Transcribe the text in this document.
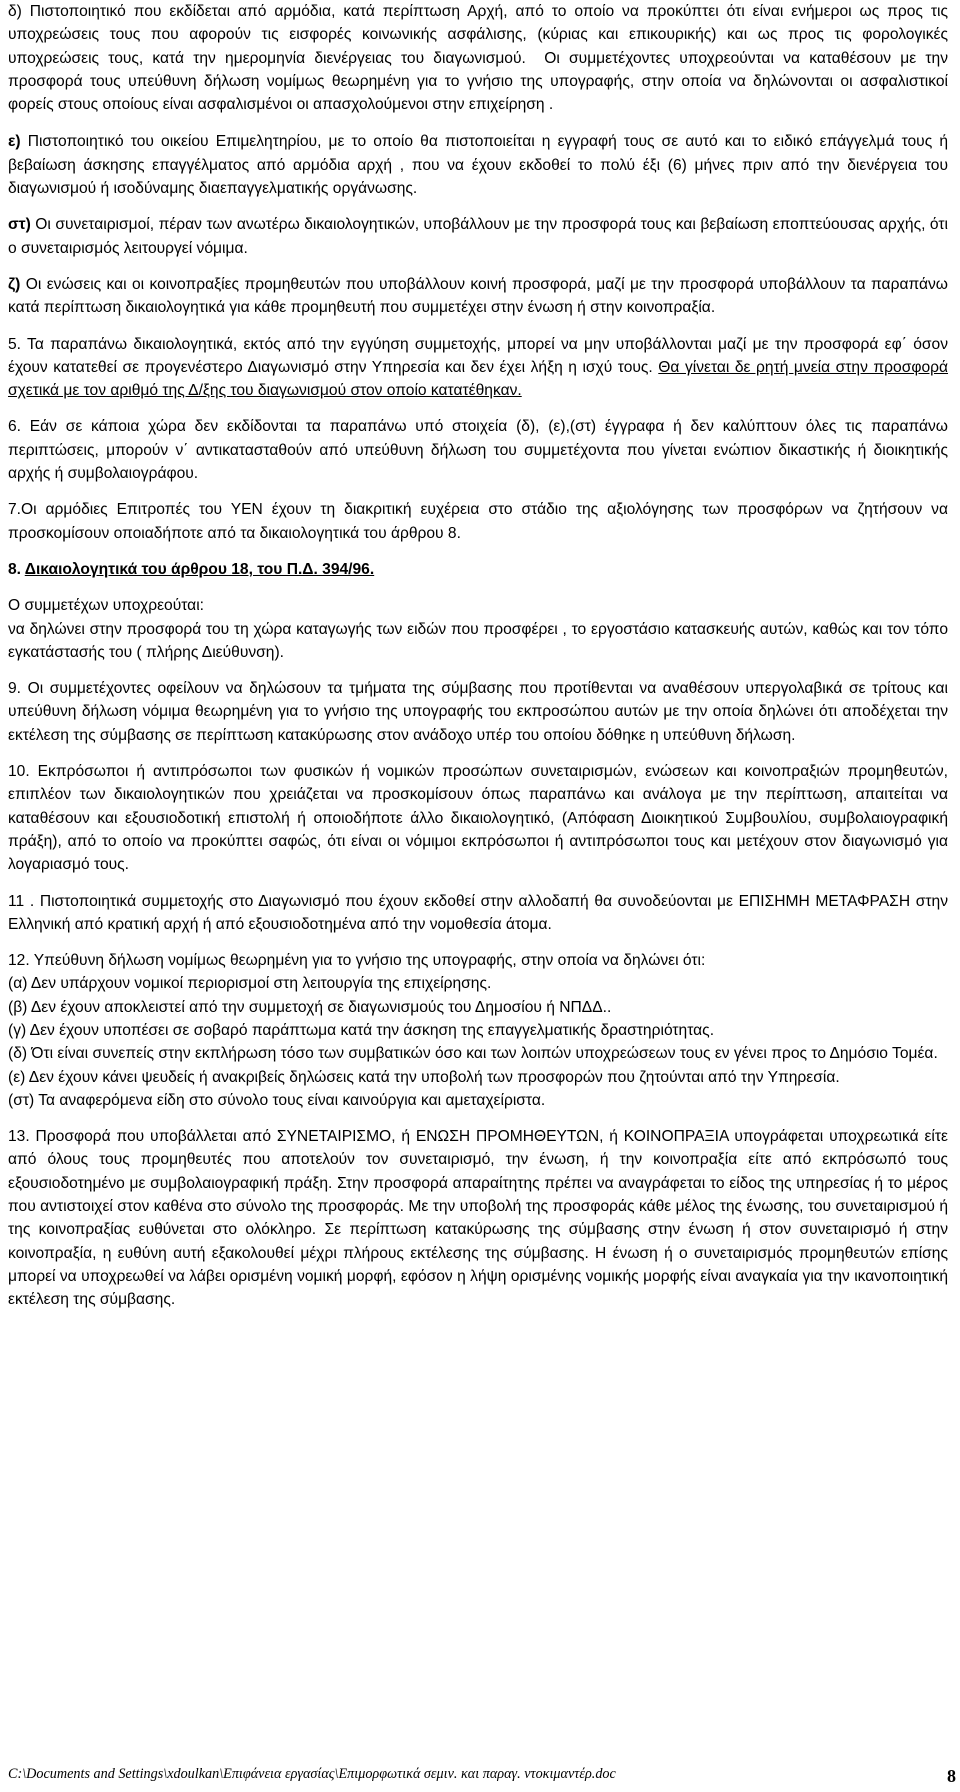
δ) Πιστοποιητικό που εκδίδεται από αρμόδια, κατά περίπτωση Αρχή, από το οποίο να προκύπτει ότι είναι ενήμεροι ως προς τις υποχρεώσεις τους που αφορούν τις εισφορές κοινωνικής ασφάλισης, (κύριας και επικουρικής) και ως προς τις φορολογικές υποχρεώσεις τους, κατά την ημερομηνία διενέργειας του διαγωνισμού. Οι συμμετέχοντες υποχρεούνται να καταθέσουν με την προσφορά τους υπεύθυνη δήλωση νομίμως θεωρημένη για το γνήσιο της υπογραφής, στην οποία να δηλώνονται οι ασφαλιστικοί φορείς στους οποίους είναι ασφαλισμένοι οι απασχολούμενοι στην επιχείρηση .

ε) Πιστοποιητικό του οικείου Επιμελητηρίου, με το οποίο θα πιστοποιείται η εγγραφή τους σε αυτό και το ειδικό επάγγελμά τους ή βεβαίωση άσκησης επαγγέλματος από αρμόδια αρχή , που να έχουν εκδοθεί το πολύ έξι (6) μήνες πριν από την διενέργεια του διαγωνισμού ή ισοδύναμης διαεπαγγελματικής οργάνωσης.

στ) Οι συνεταιρισμοί, πέραν των ανωτέρω δικαιολογητικών, υποβάλλουν με την προσφορά τους και βεβαίωση εποπτεύουσας αρχής, ότι ο συνεταιρισμός λειτουργεί νόμιμα.

ζ) Οι ενώσεις και οι κοινοπραξίες προμηθευτών που υποβάλλουν κοινή προσφορά, μαζί με την προσφορά υποβάλλουν τα παραπάνω κατά περίπτωση δικαιολογητικά για κάθε προμηθευτή που συμμετέχει στην ένωση ή στην κοινοπραξία.

5. Τα παραπάνω δικαιολογητικά, εκτός από την εγγύηση συμμετοχής, μπορεί να μην υποβάλλονται μαζί με την προσφορά εφ΄ όσον έχουν κατατεθεί σε προγενέστερο Διαγωνισμό στην Υπηρεσία και δεν έχει λήξη η ισχύ τους. Θα γίνεται δε ρητή μνεία στην προσφορά σχετικά με τον αριθμό της Δ/ξης του διαγωνισμού στον οποίο κατατέθηκαν.

6. Εάν σε κάποια χώρα δεν εκδίδονται τα παραπάνω υπό στοιχεία (δ), (ε),(στ) έγγραφα ή δεν καλύπτουν όλες τις παραπάνω περιπτώσεις, μπορούν ν΄ αντικατασταθούν από υπεύθυνη δήλωση του συμμετέχοντα που γίνεται ενώπιον δικαστικής ή διοικητικής αρχής ή συμβολαιογράφου.

7.Οι αρμόδιες Επιτροπές του ΥΕΝ έχουν τη διακριτική ευχέρεια στο στάδιο της αξιολόγησης των προσφόρων να ζητήσουν να προσκομίσουν οποιαδήποτε από τα δικαιολογητικά του άρθρου 8.

8. Δικαιολογητικά του άρθρου 18, του Π.Δ. 394/96.

Ο συμμετέχων υποχρεούται:

να δηλώνει στην προσφορά του τη χώρα καταγωγής των ειδών που προσφέρει , το εργοστάσιο κατασκευής αυτών, καθώς και τον τόπο εγκατάστασής του ( πλήρης Διεύθυνση).

9. Οι συμμετέχοντες οφείλουν να δηλώσουν τα τμήματα της σύμβασης που προτίθενται να αναθέσουν υπεργολαβικά σε τρίτους και υπεύθυνη δήλωση νόμιμα θεωρημένη για το γνήσιο της υπογραφής του εκπροσώπου αυτών με την οποία δηλώνει ότι αποδέχεται την εκτέλεση της σύμβασης σε περίπτωση κατακύρωσης στον ανάδοχο υπέρ του οποίου δόθηκε η υπεύθυνη δήλωση.

10. Εκπρόσωποι ή αντιπρόσωποι των φυσικών ή νομικών προσώπων συνεταιρισμών, ενώσεων και κοινοπραξιών προμηθευτών, επιπλέον των δικαιολογητικών που χρειάζεται να προσκομίσουν όπως παραπάνω και ανάλογα με την περίπτωση, απαιτείται να καταθέσουν και εξουσιοδοτική επιστολή ή οποιοδήποτε άλλο δικαιολογητικό, (Απόφαση Διοικητικού Συμβουλίου, συμβολαιογραφική πράξη), από το οποίο να προκύπτει σαφώς, ότι είναι οι νόμιμοι εκπρόσωποι ή αντιπρόσωποι τους και μετέχουν στον διαγωνισμό για λογαριασμό τους.

11 . Πιστοποιητικά συμμετοχής στο Διαγωνισμό που έχουν εκδοθεί στην αλλοδαπή θα συνοδεύονται με ΕΠΙΣΗΜΗ ΜΕΤΑΦΡΑΣΗ στην Ελληνική από κρατική αρχή ή από εξουσιοδοτημένα από την νομοθεσία άτομα.

12. Υπεύθυνη δήλωση νομίμως θεωρημένη για το γνήσιο της υπογραφής, στην οποία να δηλώνει ότι:

(α) Δεν υπάρχουν νομικοί περιορισμοί στη λειτουργία της επιχείρησης.

(β) Δεν έχουν αποκλειστεί από την συμμετοχή σε διαγωνισμούς του Δημοσίου ή ΝΠΔΔ..

(γ) Δεν έχουν υποπέσει σε σοβαρό παράπτωμα κατά την άσκηση της επαγγελματικής δραστηριότητας.

(δ) Ότι είναι συνεπείς στην εκπλήρωση τόσο των συμβατικών όσο και των λοιπών υποχρεώσεων τους εν γένει προς το Δημόσιο Τομέα.

(ε) Δεν έχουν κάνει ψευδείς ή ανακριβείς δηλώσεις κατά την υποβολή των προσφορών που ζητούνται από την Υπηρεσία.

(στ) Τα αναφερόμενα είδη στο σύνολο τους είναι καινούργια και αμεταχείριστα.

13. Προσφορά που υποβάλλεται από ΣΥΝΕΤΑΙΡΙΣΜΟ, ή ΕΝΩΣΗ ΠΡΟΜΗΘΕΥΤΩΝ, ή ΚΟΙΝΟΠΡΑΞΙΑ υπογράφεται υποχρεωτικά είτε από όλους τους προμηθευτές που αποτελούν τον συνεταιρισμό, την ένωση, ή την κοινοπραξία είτε από εκπρόσωπό τους εξουσιοδοτημένο με συμβολαιογραφική πράξη. Στην προσφορά απαραίτητης πρέπει να αναγράφεται το είδος της υπηρεσίας ή το μέρος που αντιστοιχεί στον καθένα στο σύνολο της προσφοράς. Με την υποβολή της προσφοράς κάθε μέλος της ένωσης, του συνεταιρισμού ή της κοινοπραξίας ευθύνεται στο ολόκληρο. Σε περίπτωση κατακύρωσης της σύμβασης στην ένωση ή στον συνεταιρισμό ή στην κοινοπραξία, η ευθύνη αυτή εξακολουθεί μέχρι πλήρους εκτέλεσης της σύμβασης. Η ένωση ή ο συνεταιρισμός προμηθευτών επίσης μπορεί να υποχρεωθεί να λάβει ορισμένη νομική μορφή, εφόσον η λήψη ορισμένης νομικής μορφής είναι αναγκαία για την ικανοποιητική εκτέλεση της σύμβασης.

C:\Documents and Settings\xdoulkan\Επιφάνεια εργασίας\Επιμορφωτικά σεμιν. και παραγ. ντοκιμαντέρ.doc	8
